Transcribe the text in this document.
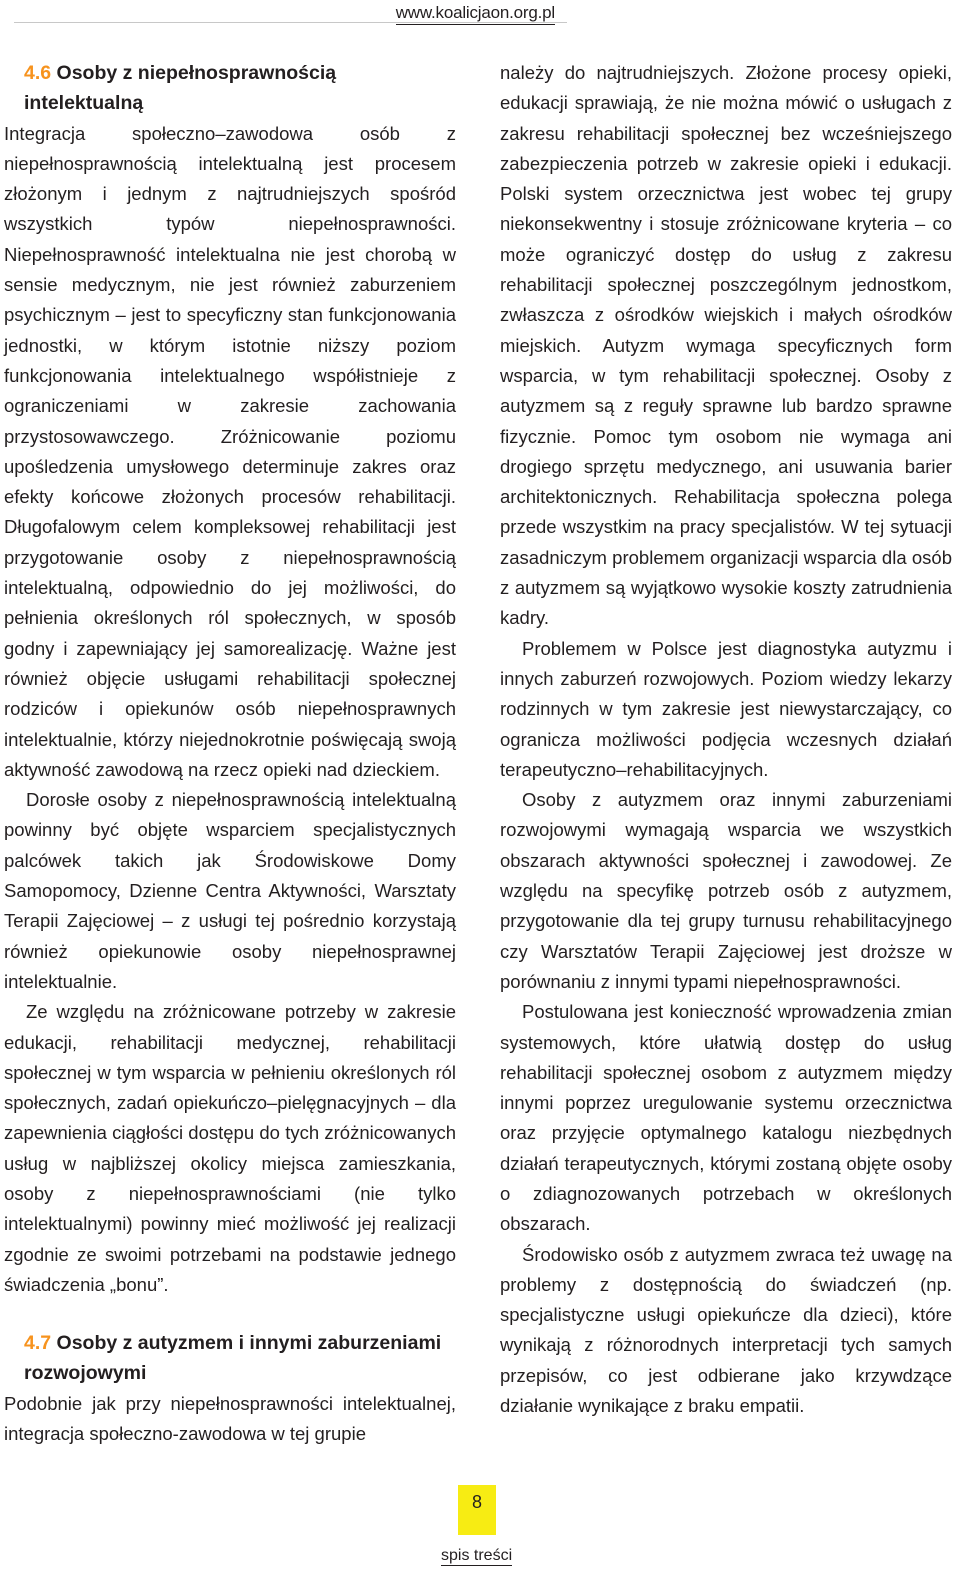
www.koalicjaon.org.pl
4.6 Osoby z niepełnosprawnością intelektualną

Integracja społeczno–zawodowa osób z niepełnosprawnością intelektualną jest procesem złożonym i jednym z najtrudniejszych spośród wszystkich typów niepełnosprawności. Niepełnosprawność intelektualna nie jest chorobą w sensie medycznym, nie jest również zaburzeniem psychicznym – jest to specyficzny stan funkcjonowania jednostki, w którym istotnie niższy poziom funkcjonowania intelektualnego współistnieje z ograniczeniami w zakresie zachowania przystosowawczego. Zróżnicowanie poziomu upośledzenia umysłowego determinuje zakres oraz efekty końcowe złożonych procesów rehabilitacji. Długofalowym celem kompleksowej rehabilitacji jest przygotowanie osoby z niepełnosprawnością intelektualną, odpowiednio do jej możliwości, do pełnienia określonych ról społecznych, w sposób godny i zapewniający jej samorealizację. Ważne jest również objęcie usługami rehabilitacji społecznej rodziców i opiekunów osób niepełnosprawnych intelektualnie, którzy niejednokrotnie poświęcają swoją aktywność zawodową na rzecz opieki nad dzieckiem.

Dorosłe osoby z niepełnosprawnością intelektualną powinny być objęte wsparciem specjalistycznych palcówek takich jak Środowiskowe Domy Samopomocy, Dzienne Centra Aktywności, Warsztaty Terapii Zajęciowej – z usługi tej pośrednio korzystają również opiekunowie osoby niepełnosprawnej intelektualnie.

Ze względu na zróżnicowane potrzeby w zakresie edukacji, rehabilitacji medycznej, rehabilitacji społecznej w tym wsparcia w pełnieniu określonych ról społecznych, zadań opiekuńczo–pielęgnacyjnych – dla zapewnienia ciągłości dostępu do tych zróżnicowanych usług w najbliższej okolicy miejsca zamieszkania, osoby z niepełnosprawnościami (nie tylko intelektualnymi) powinny mieć możliwość jej realizacji zgodnie ze swoimi potrzebami na podstawie jednego świadczenia „bonu”.

4.7 Osoby z autyzmem i innymi zaburzeniami rozwojowymi

Podobnie jak przy niepełnosprawności intelektualnej, integracja społeczno-zawodowa w tej grupie

należy do najtrudniejszych. Złożone procesy opieki, edukacji sprawiają, że nie można mówić o usługach z zakresu rehabilitacji społecznej bez wcześniejszego zabezpieczenia potrzeb w zakresie opieki i edukacji. Polski system orzecznictwa jest wobec tej grupy niekonsekwentny i stosuje zróżnicowane kryteria – co może ograniczyć dostęp do usług z zakresu rehabilitacji społecznej poszczególnym jednostkom, zwłaszcza z ośrodków wiejskich i małych ośrodków miejskich. Autyzm wymaga specyficznych form wsparcia, w tym rehabilitacji społecznej. Osoby z autyzmem są z reguły sprawne lub bardzo sprawne fizycznie. Pomoc tym osobom nie wymaga ani drogiego sprzętu medycznego, ani usuwania barier architektonicznych. Rehabilitacja społeczna polega przede wszystkim na pracy specjalistów. W tej sytuacji zasadniczym problemem organizacji wsparcia dla osób z autyzmem są wyjątkowo wysokie koszty zatrudnienia kadry.

Problemem w Polsce jest diagnostyka autyzmu i innych zaburzeń rozwojowych. Poziom wiedzy lekarzy rodzinnych w tym zakresie jest niewystarczający, co ogranicza możliwości podjęcia wczesnych działań terapeutyczno–rehabilitacyjnych.

Osoby z autyzmem oraz innymi zaburzeniami rozwojowymi wymagają wsparcia we wszystkich obszarach aktywności społecznej i zawodowej. Ze względu na specyfikę potrzeb osób z autyzmem, przygotowanie dla tej grupy turnusu rehabilitacyjnego czy Warsztatów Terapii Zajęciowej jest droższe w porównaniu z innymi typami niepełnosprawności.

Postulowana jest konieczność wprowadzenia zmian systemowych, które ułatwią dostęp do usług rehabilitacji społecznej osobom z autyzmem między innymi poprzez uregulowanie systemu orzecznictwa oraz przyjęcie optymalnego katalogu niezbędnych działań terapeutycznych, którymi zostaną objęte osoby o zdiagnozowanych potrzebach w określonych obszarach.

Środowisko osób z autyzmem zwraca też uwagę na problemy z dostępnością do świadczeń (np. specjalistyczne usługi opiekuńcze dla dzieci), które wynikają z różnorodnych interpretacji tych samych przepisów, co jest odbierane jako krzywdzące działanie wynikające z braku empatii.

8
spis treści
